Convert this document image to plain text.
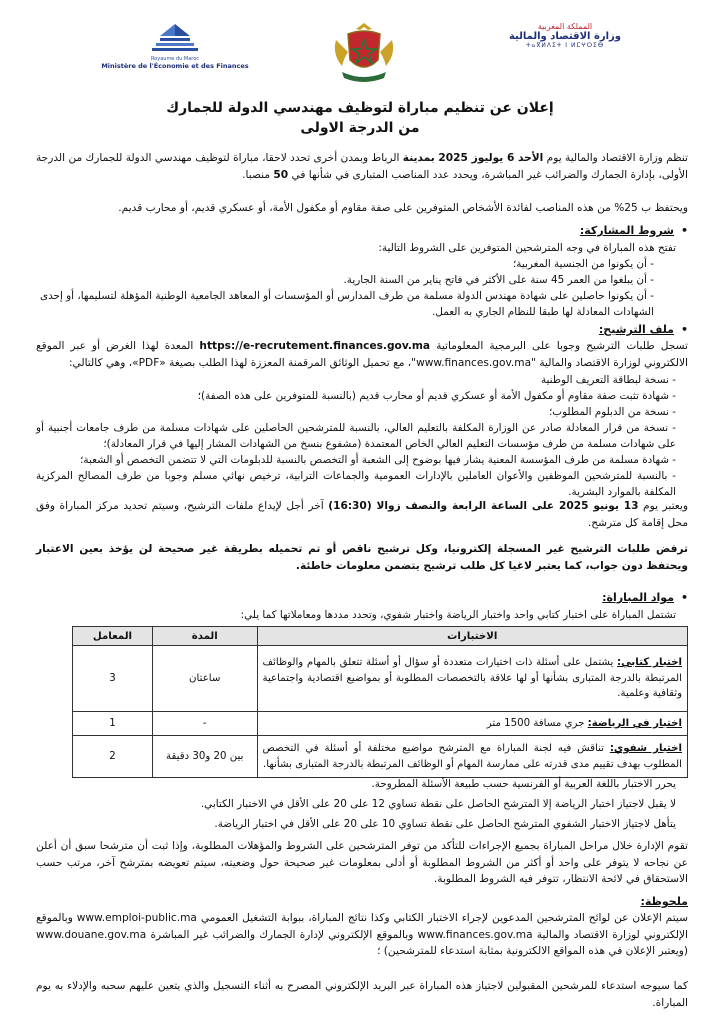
Royaume du Maroc
Ministère de l'Économie et des Finances
المملكة المغربية
وزارة الاقتصاد والمالية
ⵜⴰⴳⵍⴷⵉⵜ ⵏ ⵍⵎⵖⵔⵉⴱ
إعلان عن تنظيم مباراة لتوظيف مهندسي الدولة للجمارك
من الدرجة الاولى
تنظم وزارة الاقتصاد والمالية يوم الأحد 6 يوليوز 2025 بمدينة الرباط وبمدن أخرى تحدد لاحقا، مباراة لتوظيف مهندسي الدولة للجمارك من الدرجة الأولى، بإدارة الجمارك والضرائب غير المباشرة، ويحدد عدد المناصب المتبارى في شأنها في 50 منصبا.
ويحتفظ ب 25% من هذه المناصب لفائدة الأشخاص المتوفرين على صفة مقاوم أو مكفول الأمة، أو عسكري قديم، أو محارب قديم.
•شروط المشاركة:
تفتح هذه المباراة في وجه المترشحين المتوفرين على الشروط التالية:
- أن يكونوا من الجنسية المغربية؛
- أن يبلغوا من العمر 45 سنة على الأكثر في فاتح يناير من السنة الجارية.
- أن يكونوا حاصلين على شهادة مهندس الدولة مسلمة من طرف المدارس أو المؤسسات أو المعاهد الجامعية الوطنية المؤهلة لتسليمها، أو إحدى الشهادات المعادلة لها طبقا للنظام الجاري به العمل.
•ملف الترشيح:
تسجل طلبات الترشيح وجوبا على البرمجية المعلوماتية https://e-recrutement.finances.gov.ma المعدة لهذا الغرض أو عبر الموقع الالكتروني لوزارة الاقتصاد والمالية "www.finances.gov.ma"، مع تحميل الوثائق المرقمنة المعززة لهذا الطلب بصيغة «PDF»، وهي كالتالي:
- نسخة لبطاقة التعريف الوطنية
- شهادة تثبت صفة مقاوم أو مكفول الأمة أو عسكري قديم أو محارب قديم (بالنسبة للمتوفرين على هذه الصفة)؛
- نسخة من الدبلوم المطلوب؛
- نسخة من قرار المعادلة صادر عن الوزارة المكلفة بالتعليم العالي، بالنسبة للمترشحين الحاصلين على شهادات مسلمة من طرف جامعات أجنبية أو على شهادات مسلمة من طرف مؤسسات التعليم العالي الخاص المعتمدة (مشفوع بنسخ من الشهادات المشار إليها في قرار المعادلة)؛
- شهادة مسلمة من طرف المؤسسة المعنية يشار فيها بوضوح إلى الشعبة أو التخصص بالنسبة للدبلومات التي لا تتضمن التخصص أو الشعبة؛
- بالنسبة للمترشحين الموظفين والأعوان العاملين بالإدارات العمومية والجماعات الترابية، ترخيص نهائي مسلم وجوبا من طرف المصالح المركزية المكلفة بالموارد البشرية.
ويعتبر يوم 13 يونيو 2025 على الساعة الرابعة والنصف زوالا (16:30) آخر أجل لإيداع ملفات الترشيح، وسيتم تحديد مركز المباراة وفق محل إقامة كل مترشح.
ترفض طلبات الترشيح غير المسجلة إلكترونيا، وكل ترشيح ناقص أو تم تحميله بطريقة غير صحيحة لن يؤخذ بعين الاعتبار ويحتفظ دون جواب، كما يعتبر لاغيا كل طلب ترشيح يتضمن معلومات خاطئة.
•مواد المباراة:
تشتمل المباراة على اختبار كتابي واحد واختبار الرياضة واختبار شفوي، وتحدد مددها ومعاملاتها كما يلي:
الاختبارات	المدة	المعامل
اختبار كتابي: يشتمل على أسئلة ذات اختيارات متعددة أو سؤال أو أسئلة تتعلق بالمهام والوظائف المرتبطة بالدرجة المتبارى بشأنها أو لها علاقة بالتخصصات المطلوبة أو بمواضيع اقتصادية واجتماعية وثقافية وعلمية.	ساعتان	3
اختبار في الرياضة: جري مسافة 1500 متر	-	1
اختبار شفوي: تناقش فيه لجنة المباراة مع المترشح مواضيع مختلفة أو أسئلة في التخصص المطلوب بهدف تقييم مدى قدرته على ممارسة المهام أو الوظائف المرتبطة بالدرجة المتبارى بشأنها.	بين 20 و30 دقيقة	2
يحرر الاختبار باللغة العربية أو الفرنسية حسب طبيعة الأسئلة المطروحة.
لا يقبل لاجتياز اختبار الرياضة إلا المترشح الحاصل على نقطة تساوي 12 على 20 على الأقل في الاختبار الكتابي.
يتأهل لاجتياز الاختبار الشفوي المترشح الحاصل على نقطة تساوي 10 على 20 على الأقل في اختبار الرياضة.
تقوم الإدارة خلال مراحل المباراة بجميع الإجراءات للتأكد من توفر المترشحين على الشروط والمؤهلات المطلوبة، وإذا ثبت أن مترشحا سبق أن أعلن عن نجاحه لا يتوفر على واحد أو أكثر من الشروط المطلوبة أو أدلى بمعلومات غير صحيحة حول وضعيته، سيتم تعويضه بمترشح آخر، مرتب حسب الاستحقاق في لائحة الانتظار، تتوفر فيه الشروط المطلوبة.
ملحوظة:
سيتم الإعلان عن لوائح المترشحين المدعوين لإجراء الاختبار الكتابي وكذا نتائج المباراة، ببوابة التشغيل العمومي www.emploi-public.ma وبالموقع الإلكتروني لوزارة الاقتصاد والمالية www.finances.gov.ma وبالموقع الإلكتروني لإدارة الجمارك والضرائب غير المباشرة www.douane.gov.ma (ويعتبر الإعلان في هذه المواقع الالكترونية بمثابة استدعاء للمترشحين) ؛
كما سيوجه استدعاء للمرشحين المقبولين لاجتياز هذه المباراة عبر البريد الإلكتروني المصرح به أثناء التسجيل والذي يتعين عليهم سحبه والإدلاء به يوم المباراة.
